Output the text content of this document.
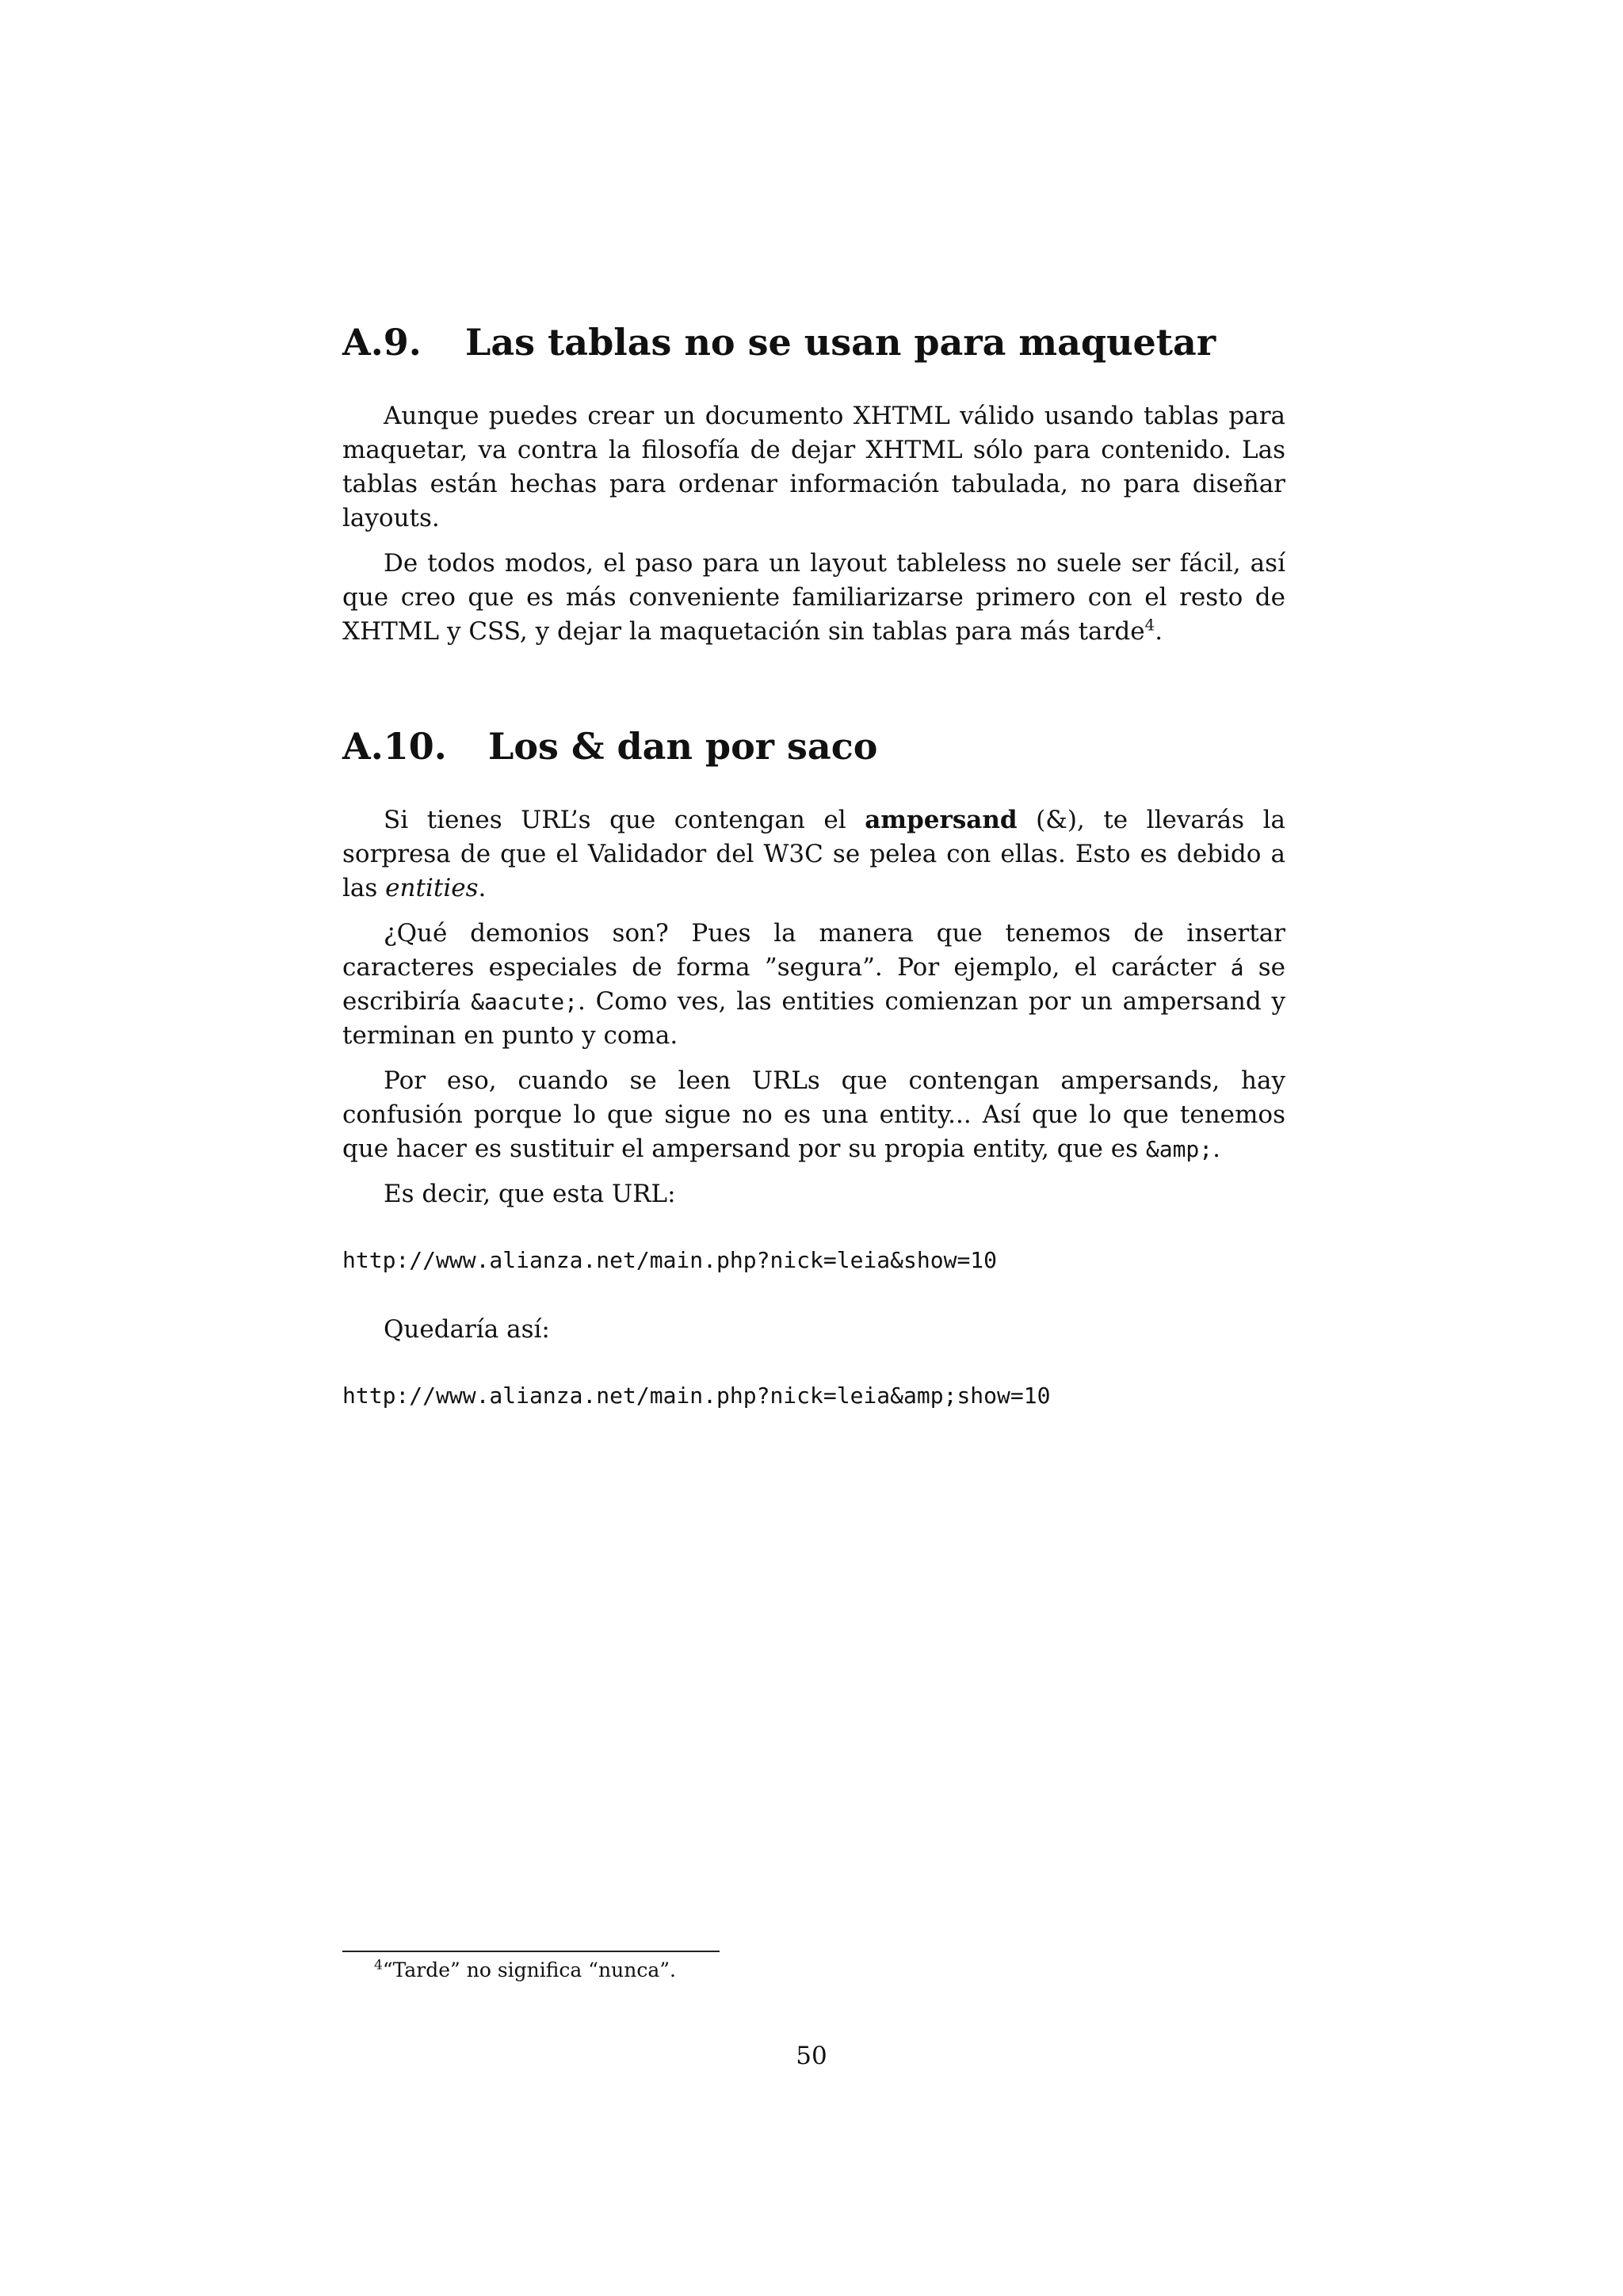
A.9.	Las tablas no se usan para maquetar

Aunque puedes crear un documento XHTML válido usando tablas para maquetar, va contra la filosofía de dejar XHTML sólo para contenido. Las tablas están hechas para ordenar información tabulada, no para diseñar layouts.

De todos modos, el paso para un layout tableless no suele ser fácil, así que creo que es más conveniente familiarizarse primero con el resto de XHTML y CSS, y dejar la maquetación sin tablas para más tarde$^4$.

A.10.	Los & dan por saco

Si tienes URL’s que contengan el ampersand (&), te llevarás la sorpresa de que el Validador del W3C se pelea con ellas. Esto es debido a las entities.

¿Qué demonios son? Pues la manera que tenemos de insertar caracteres especiales de forma ”segura”. Por ejemplo, el carácter á se escribiría &aacute;. Como ves, las entities comienzan por un ampersand y terminan en punto y coma.

Por eso, cuando se leen URLs que contengan ampersands, hay confusión porque lo que sigue no es una entity... Así que lo que tenemos que hacer es sustituir el ampersand por su propia entity, que es &amp;.

Es decir, que esta URL:

http://www.alianza.net/main.php?nick=leia&show=10

Quedaría así:

http://www.alianza.net/main.php?nick=leia&amp;show=10
$^4$“Tarde” no significa “nunca”.
50
